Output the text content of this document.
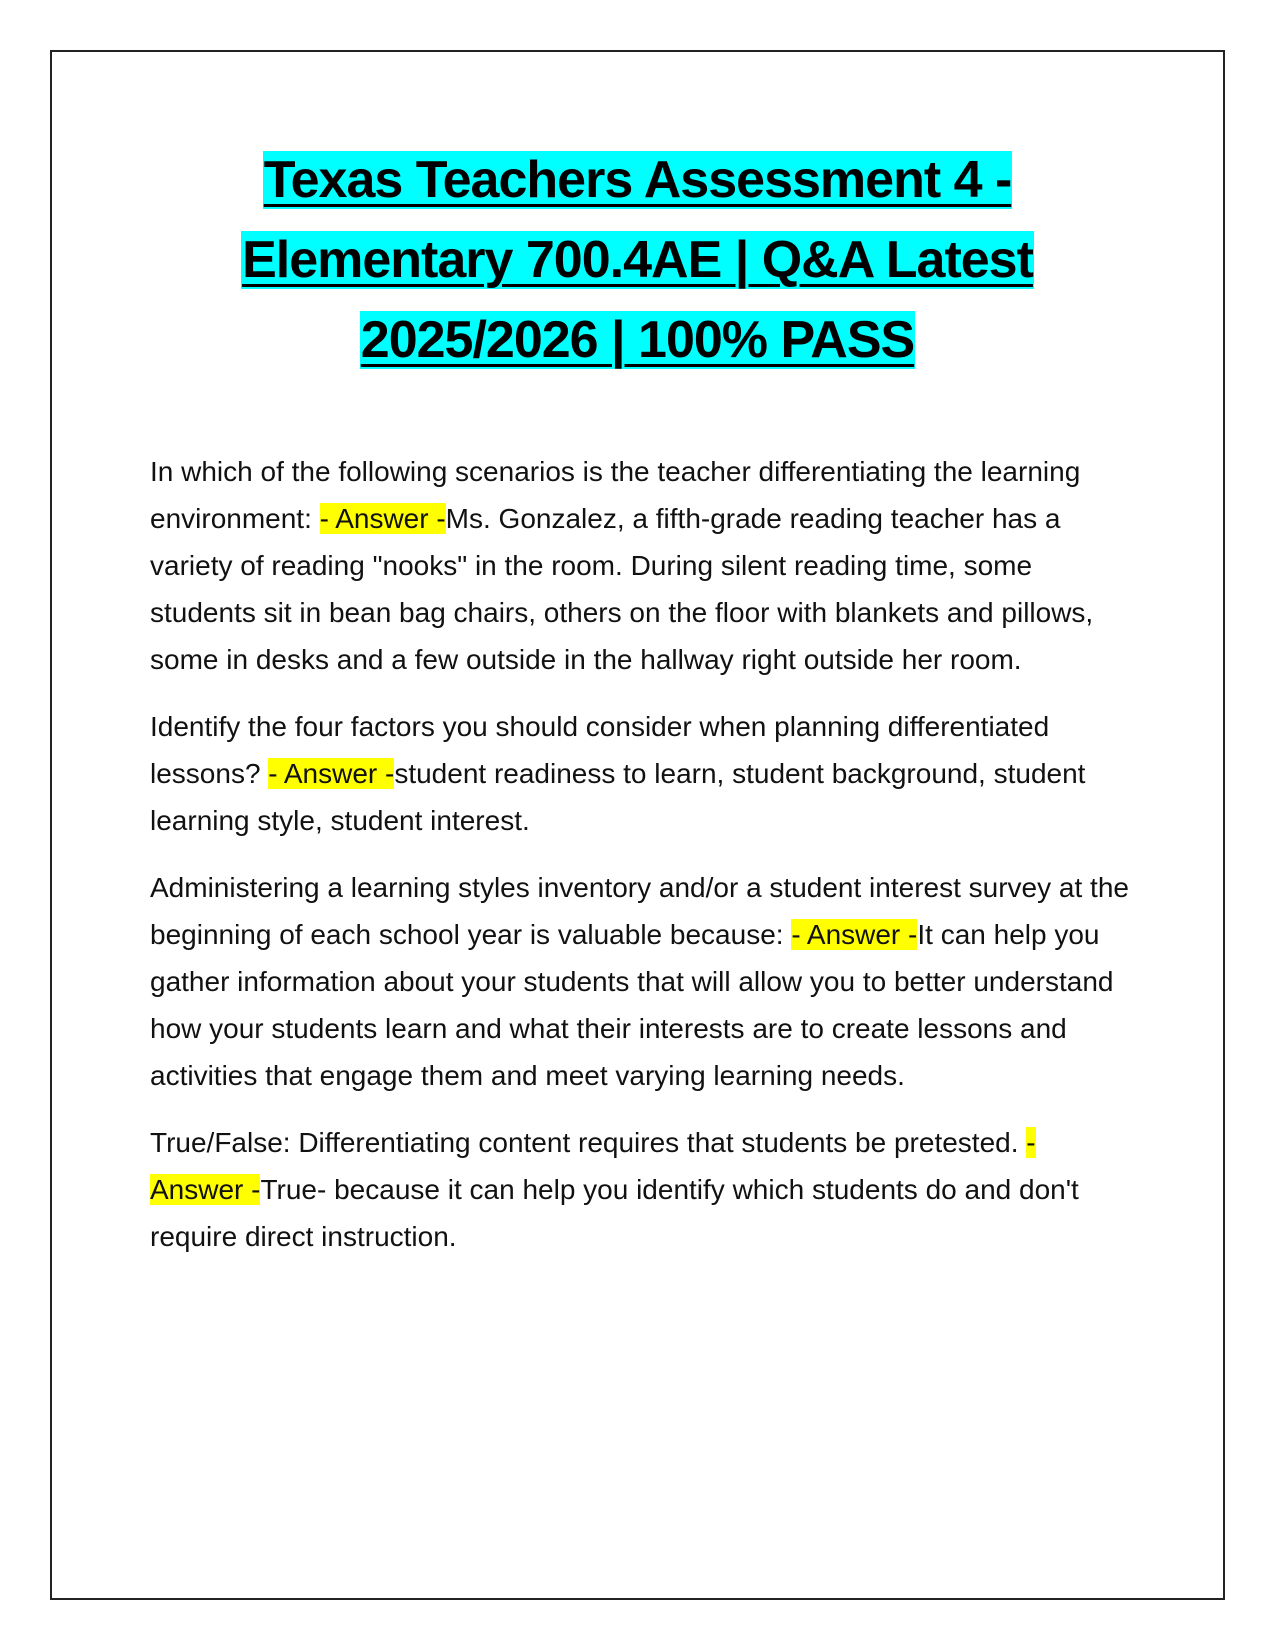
Texas Teachers Assessment 4 -
Elementary 700.4AE | Q&A Latest
2025/2026 | 100% PASS

In which of the following scenarios is the teacher differentiating the learning environment: - Answer -Ms. Gonzalez, a fifth-grade reading teacher has a variety of reading "nooks" in the room. During silent reading time, some students sit in bean bag chairs, others on the floor with blankets and pillows, some in desks and a few outside in the hallway right outside her room.

Identify the four factors you should consider when planning differentiated lessons? - Answer -student readiness to learn, student background, student learning style, student interest.

Administering a learning styles inventory and/or a student interest survey at the beginning of each school year is valuable because: - Answer -It can help you gather information about your students that will allow you to better understand how your students learn and what their interests are to create lessons and activities that engage them and meet varying learning needs.

True/False: Differentiating content requires that students be pretested. - Answer -True- because it can help you identify which students do and don't require direct instruction.
